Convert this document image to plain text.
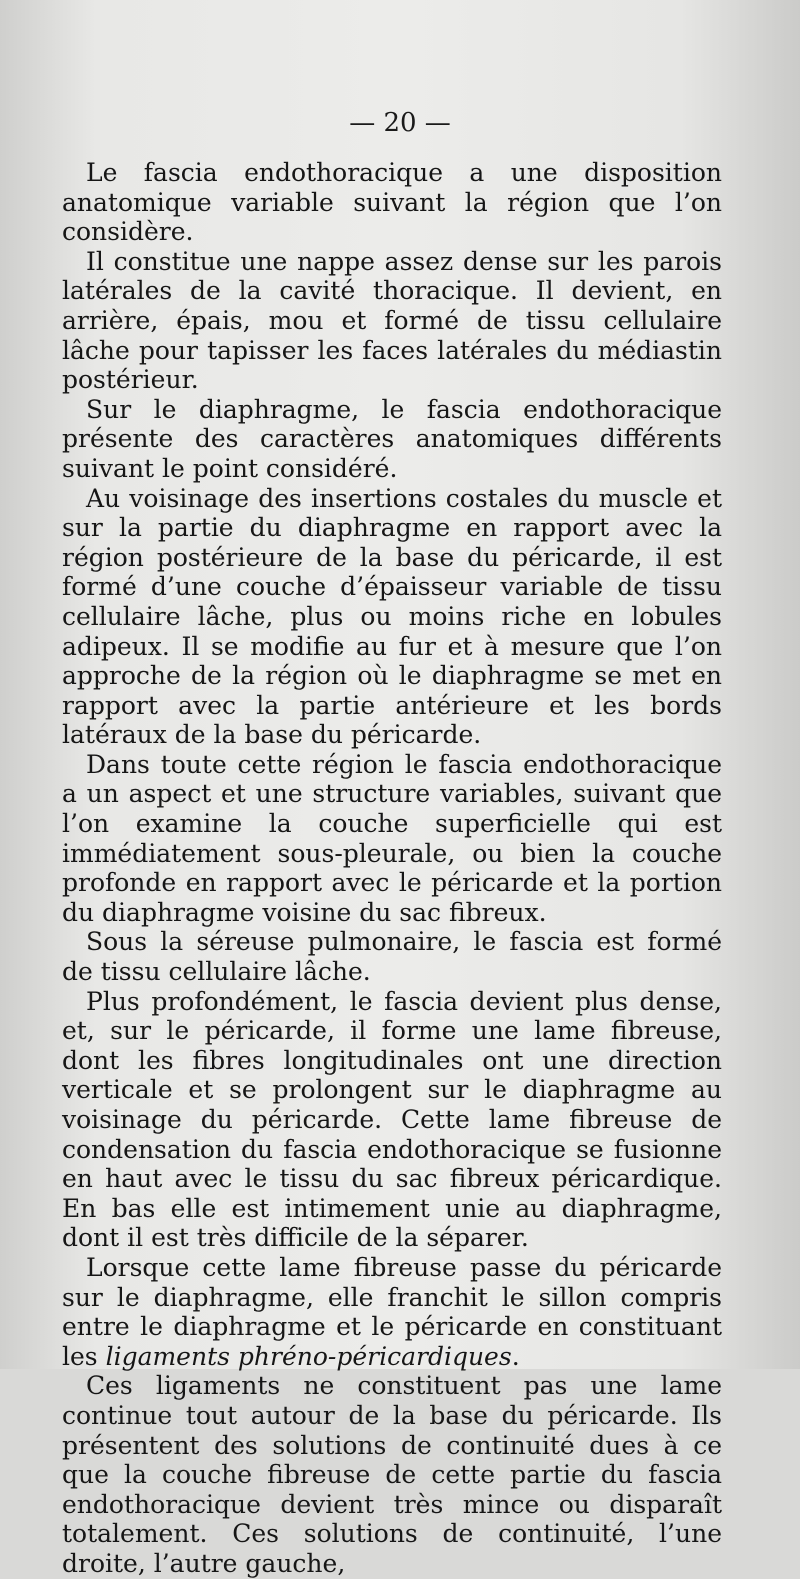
— 20 —

Le fascia endothoracique a une disposition anatomique variable suivant la région que l’on considère.

Il constitue une nappe assez dense sur les parois latérales de la cavité thoracique. Il devient, en arrière, épais, mou et formé de tissu cellulaire lâche pour tapisser les faces latérales du médiastin postérieur.

Sur le diaphragme, le fascia endothoracique présente des caractères anatomiques différents suivant le point considéré.

Au voisinage des insertions costales du muscle et sur la partie du diaphragme en rapport avec la région postérieure de la base du péricarde, il est formé d’une couche d’épaisseur variable de tissu cellulaire lâche, plus ou moins riche en lobules adipeux. Il se modifie au fur et à mesure que l’on approche de la région où le diaphragme se met en rapport avec la partie antérieure et les bords latéraux de la base du péricarde.

Dans toute cette région le fascia endothoracique a un aspect et une structure variables, suivant que l’on examine la couche superficielle qui est immédiatement sous-pleurale, ou bien la couche profonde en rapport avec le péricarde et la portion du diaphragme voisine du sac fibreux.

Sous la séreuse pulmonaire, le fascia est formé de tissu cellulaire lâche.

Plus profondément, le fascia devient plus dense, et, sur le péricarde, il forme une lame fibreuse, dont les fibres longitudinales ont une direction verticale et se prolongent sur le diaphragme au voisinage du péricarde. Cette lame fibreuse de condensation du fascia endothoracique se fusionne en haut avec le tissu du sac fibreux péricardique. En bas elle est intimement unie au diaphragme, dont il est très difficile de la séparer.

Lorsque cette lame fibreuse passe du péricarde sur le diaphragme, elle franchit le sillon compris entre le diaphragme et le péricarde en constituant les ligaments phréno-péricardiques.

Ces ligaments ne constituent pas une lame continue tout autour de la base du péricarde. Ils présentent des solutions de continuité dues à ce que la couche fibreuse de cette partie du fascia endothoracique devient très mince ou disparaît totalement. Ces solutions de continuité, l’une droite, l’autre gauche,
